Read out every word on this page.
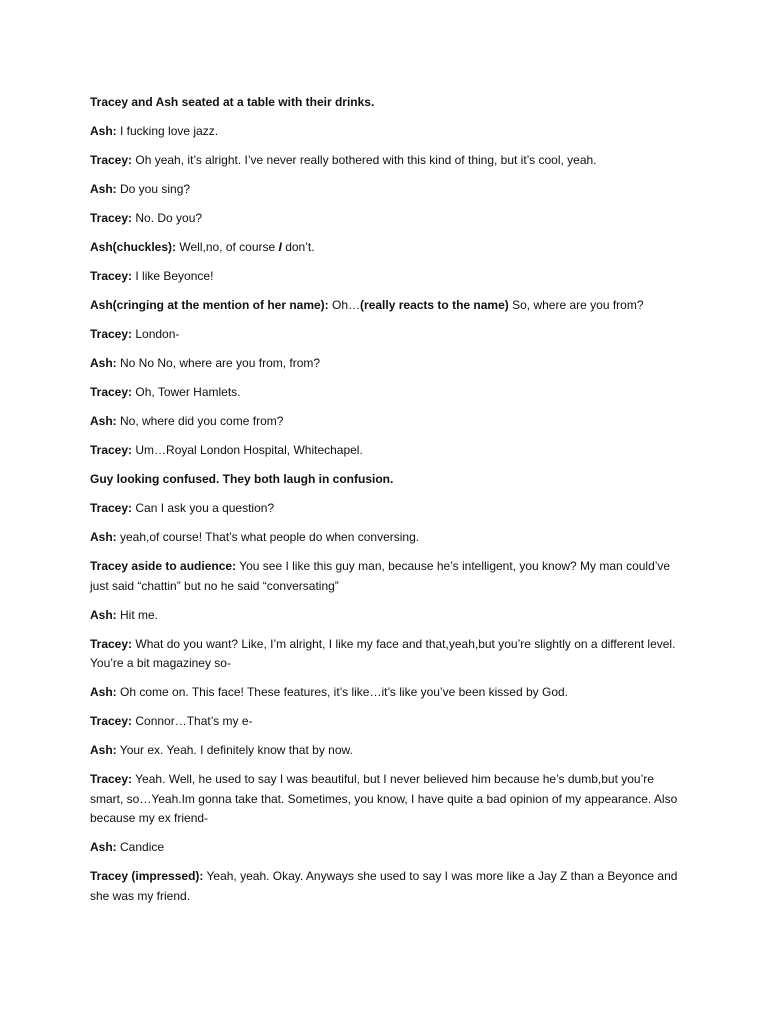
Tracey and Ash seated at a table with their drinks.

Ash: I fucking love jazz.

Tracey: Oh yeah, it’s alright. I’ve never really bothered with this kind of thing, but it’s cool, yeah.

Ash: Do you sing?

Tracey: No. Do you?

Ash(chuckles): Well,no, of course I don’t.

Tracey: I like Beyonce!

Ash(cringing at the mention of her name): Oh…(really reacts to the name) So, where are you from?

Tracey: London-

Ash: No No No, where are you from, from?

Tracey: Oh, Tower Hamlets.

Ash: No, where did you come from?

Tracey: Um…Royal London Hospital, Whitechapel.

Guy looking confused. They both laugh in confusion.

Tracey: Can I ask you a question?

Ash: yeah,of course! That’s what people do when conversing.

Tracey aside to audience: You see I like this guy man, because he’s intelligent, you know? My man could’ve just said “chattin” but no he said “conversating”

Ash: Hit me.

Tracey: What do you want? Like, I’m alright, I like my face and that,yeah,but you’re slightly on a different level. You’re a bit magaziney so-

Ash: Oh come on. This face! These features, it’s like…it’s like you’ve been kissed by God.

Tracey: Connor…That’s my e-

Ash: Your ex. Yeah. I definitely know that by now.

Tracey: Yeah. Well, he used to say I was beautiful, but I never believed him because he’s dumb,but you’re smart, so…Yeah.Im gonna take that. Sometimes, you know, I have quite a bad opinion of my appearance. Also because my ex friend-

Ash: Candice

Tracey (impressed): Yeah, yeah. Okay. Anyways she used to say I was more like a Jay Z than a Beyonce and she was my friend.
